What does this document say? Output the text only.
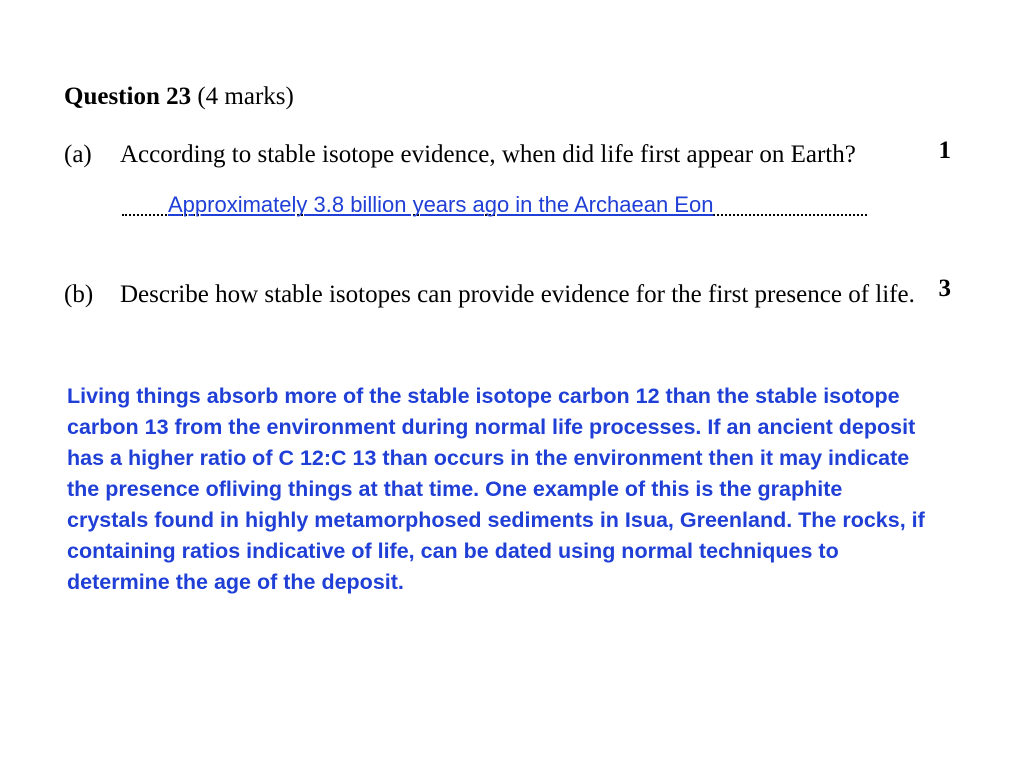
Question 23 (4 marks)
(a) According to stable isotope evidence, when did life first appear on Earth?	1
Approximately 3.8 billion years ago in the Archaean Eon
(b) Describe how stable isotopes can provide evidence for the first presence of life. 3
Living things absorb more of the stable isotope carbon 12 than the stable isotope carbon 13 from the environment during normal life processes. If an ancient deposit has a higher ratio of C 12:C 13 than occurs in the environment then it may indicate the presence ofliving things at that time. One example of this is the graphite crystals found in highly metamorphosed sediments in Isua, Greenland. The rocks, if containing ratios indicative of life, can be dated using normal techniques to determine the age of the deposit.
